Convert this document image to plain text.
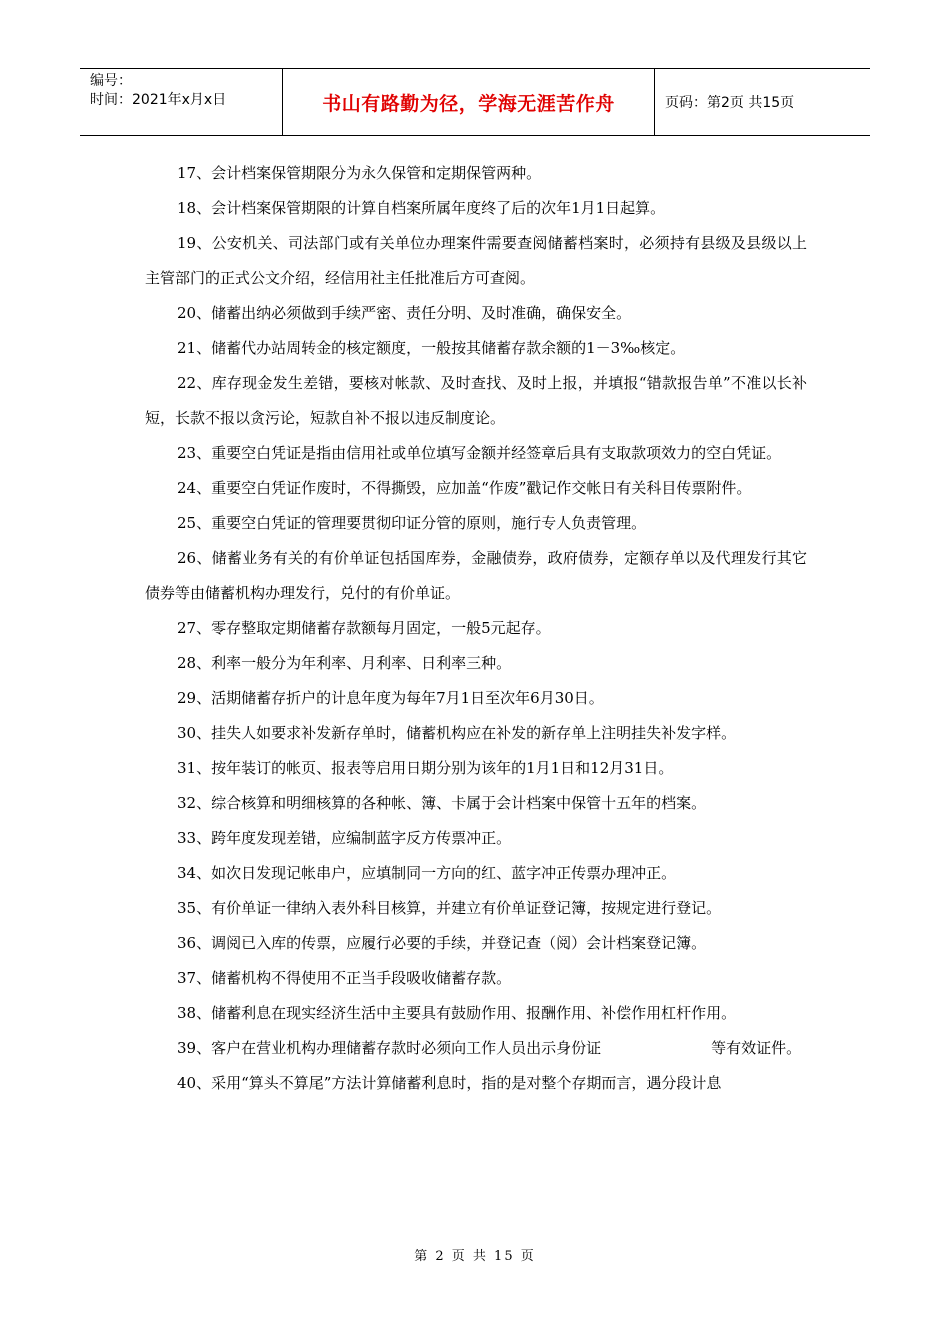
编号：
时间：2021年x月x日	书山有路勤为径，学海无涯苦作舟	页码：第2页 共15页

17、会计档案保管期限分为永久保管和定期保管两种。

18、会计档案保管期限的计算自档案所属年度终了后的次年1月1日起算。

19、公安机关、司法部门或有关单位办理案件需要查阅储蓄档案时，必须持有县级及县级以上主管部门的正式公文介绍，经信用社主任批准后方可查阅。

20、储蓄出纳必须做到手续严密、责任分明、及时准确，确保安全。

21、储蓄代办站周转金的核定额度，一般按其储蓄存款余额的1－3‰核定。

22、库存现金发生差错，要核对帐款、及时查找、及时上报，并填报“错款报告单”不准以长补短，长款不报以贪污论，短款自补不报以违反制度论。

23、重要空白凭证是指由信用社或单位填写金额并经签章后具有支取款项效力的空白凭证。

24、重要空白凭证作废时，不得撕毁，应加盖“作废”戳记作交帐日有关科目传票附件。

25、重要空白凭证的管理要贯彻印证分管的原则，施行专人负责管理。

26、储蓄业务有关的有价单证包括国库券，金融债券，政府债券，定额存单以及代理发行其它债券等由储蓄机构办理发行，兑付的有价单证。

27、零存整取定期储蓄存款额每月固定，一般5元起存。

28、利率一般分为年利率、月利率、日利率三种。

29、活期储蓄存折户的计息年度为每年7月1日至次年6月30日。

30、挂失人如要求补发新存单时，储蓄机构应在补发的新存单上注明挂失补发字样。

31、按年装订的帐页、报表等启用日期分别为该年的1月1日和12月31日。

32、综合核算和明细核算的各种帐、簿、卡属于会计档案中保管十五年的档案。

33、跨年度发现差错，应编制蓝字反方传票冲正。

34、如次日发现记帐串户，应填制同一方向的红、蓝字冲正传票办理冲正。

35、有价单证一律纳入表外科目核算，并建立有价单证登记簿，按规定进行登记。

36、调阅已入库的传票，应履行必要的手续，并登记查（阅）会计档案登记簿。

37、储蓄机构不得使用不正当手段吸收储蓄存款。

38、储蓄利息在现实经济生活中主要具有鼓励作用、报酬作用、补偿作用杠杆作用。

39、客户在营业机构办理储蓄存款时必须向工作人员出示身份证	等有效证件。

40、采用“算头不算尾”方法计算储蓄利息时，指的是对整个存期而言，遇分段计息

第 2 页 共 15 页
